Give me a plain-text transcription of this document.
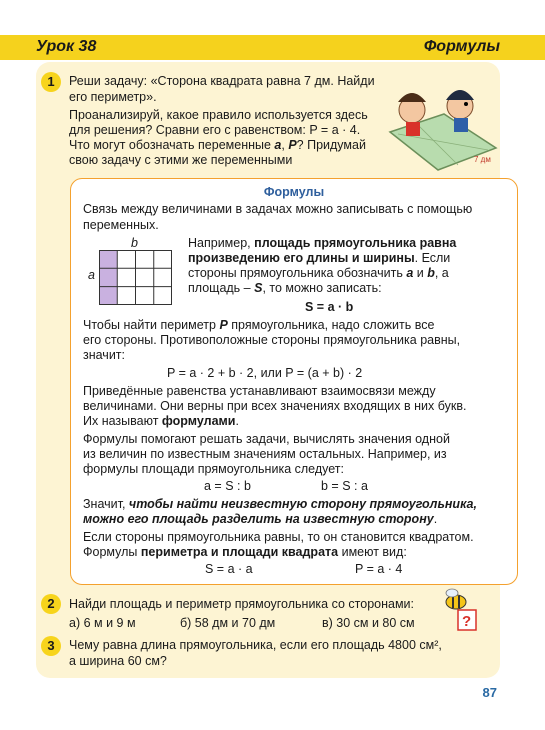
Урок 38	Формулы
1	Реши задачу: «Сторона квадрата равна 7 дм. Найди
его периметр».
Проанализируй, какое правило используется здесь
для решения? Сравни его с равенством: P = a · 4.
Что могут обозначать переменные a, P? Придумай
свою задачу с этими же переменными	7 дм
Формулы
Связь между величинами в задачах можно записывать с помощью
переменных.
b
a
Например, площадь прямоугольника равна
произведению его длины и ширины. Если
стороны прямоугольника обозначить a и b, а
площадь – S, то можно записать:
S = a · b
Чтобы найти периметр P прямоугольника, надо сложить все
его стороны. Противоположные стороны прямоугольника равны,
значит:
P = a · 2 + b · 2, или P = (a + b) · 2
Приведённые равенства устанавливают взаимосвязи между
величинами. Они верны при всех значениях входящих в них букв.
Их называют формулами.
Формулы помогают решать задачи, вычислять значения одной
из величин по известным значениям остальных. Например, из
формулы площади прямоугольника следует:
a = S : b	b = S : a
Значит, чтобы найти неизвестную сторону прямоугольника,
можно его площадь разделить на известную сторону.
Если стороны прямоугольника равны, то он становится квадратом.
Формулы периметра и площади квадрата имеют вид:
S = a · a	P = a · 4
2	Найди площадь и периметр прямоугольника со сторонами:
а) 6 м и 9 м	б) 58 дм и 70 дм	в) 30 см и 80 см	?
3	Чему равна длина прямоугольника, если его площадь 4800 см²,
а ширина 60 см?
87
